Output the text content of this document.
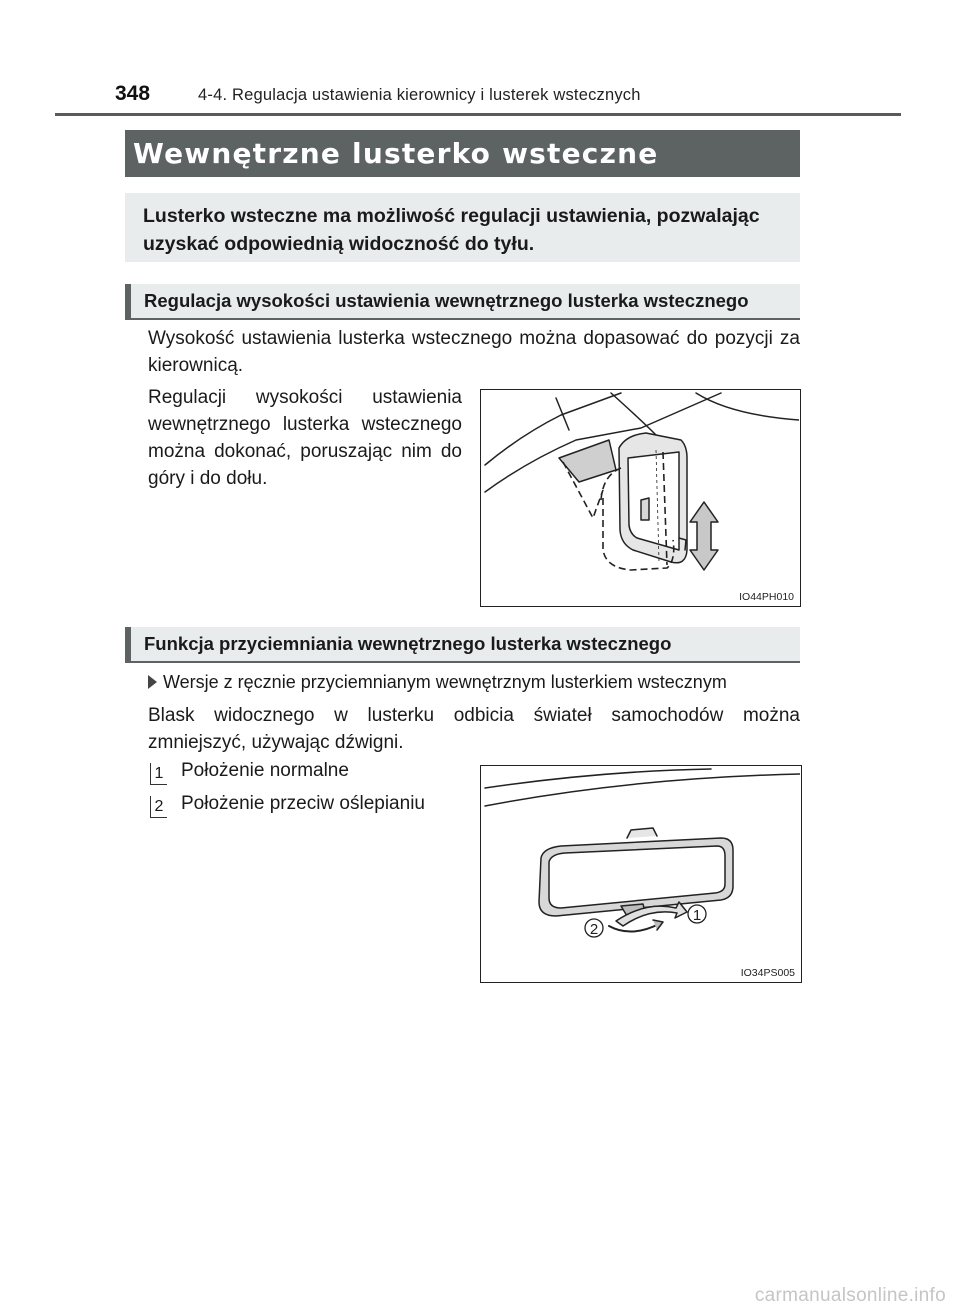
348	4-4. Regulacja ustawienia kierownicy i lusterek wstecznych
Wewnętrzne lusterko wsteczne
Lusterko wsteczne ma możliwość regulacji ustawienia, pozwalając uzyskać odpowiednią widoczność do tyłu.
Regulacja wysokości ustawienia wewnętrznego lusterka wstecznego
Wysokość ustawienia lusterka wstecznego można dopasować do pozycji za kierownicą.
Regulacji wysokości ustawienia wewnętrznego lusterka wstecznego można dokonać, poruszając nim do góry i do dołu.
IO44PH010
Funkcja przyciemniania wewnętrznego lusterka wstecznego
Wersje z ręcznie przyciemnianym wewnętrznym lusterkiem wstecznym
Blask widocznego w lusterku odbicia świateł samochodów można zmniejszyć, używając dźwigni.
1 Położenie normalne
2 Położenie przeciw oślepianiu
1
2
IO34PS005
carmanualsonline.info
